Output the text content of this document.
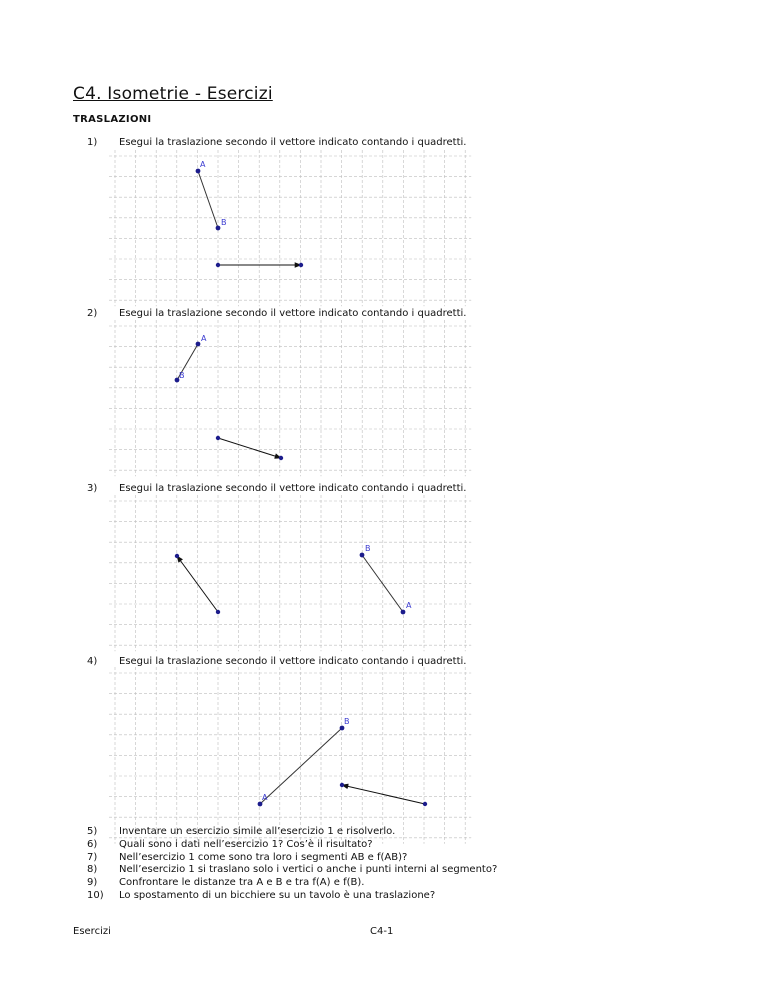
C4. Isometrie - Esercizi
TRASLAZIONI
1) Esegui la traslazione secondo il vettore indicato contando i quadretti.
2) Esegui la traslazione secondo il vettore indicato contando i quadretti.
3) Esegui la traslazione secondo il vettore indicato contando i quadretti.
4) Esegui la traslazione secondo il vettore indicato contando i quadretti.
A
B
A
B
A
B
B
A
5)	Inventare un esercizio simile all’esercizio 1 e risolverlo.
6)	Quali sono i dati nell’esercizio 1? Cos’è il risultato?
7)	Nell’esercizio 1 come sono tra loro i segmenti AB e f(AB)?
8)	Nell’esercizio 1 si traslano solo i vertici o anche i punti interni al segmento?
9)	Confrontare le distanze tra A e B e tra f(A) e f(B).
10)	Lo spostamento di un bicchiere su un tavolo è una traslazione?
Esercizi	C4-1
